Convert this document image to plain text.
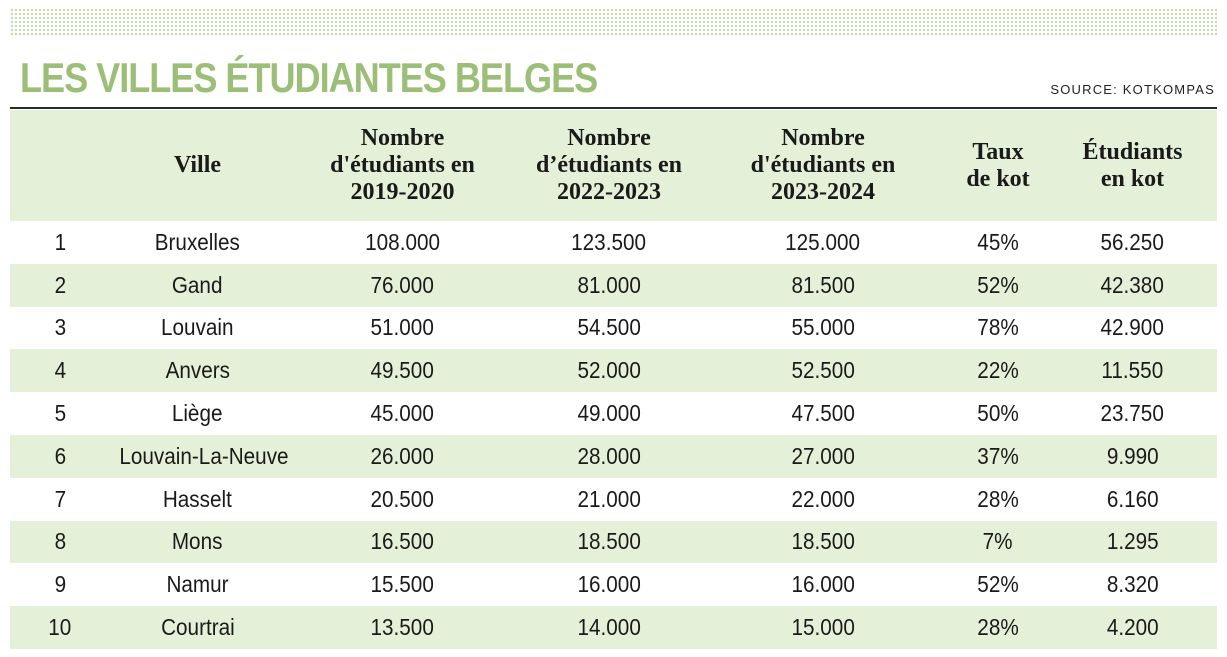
LES VILLES ÉTUDIANTES BELGES	SOURCE: KOTKOMPAS
	Ville	Nombre d'étudiants en 2019-2020	Nombre d’étudiants en 2022-2023	Nombre d'étudiants en 2023-2024	Taux de kot	Étudiants en kot
1	Bruxelles	108.000	123.500	125.000	45%	56.250
2	Gand	76.000	81.000	81.500	52%	42.380
3	Louvain	51.000	54.500	55.000	78%	42.900
4	Anvers	49.500	52.000	52.500	22%	11.550
5	Liège	45.000	49.000	47.500	50%	23.750
6	Louvain-La-Neuve	26.000	28.000	27.000	37%	9.990
7	Hasselt	20.500	21.000	22.000	28%	6.160
8	Mons	16.500	18.500	18.500	7%	1.295
9	Namur	15.500	16.000	16.000	52%	8.320
10	Courtrai	13.500	14.000	15.000	28%	4.200
